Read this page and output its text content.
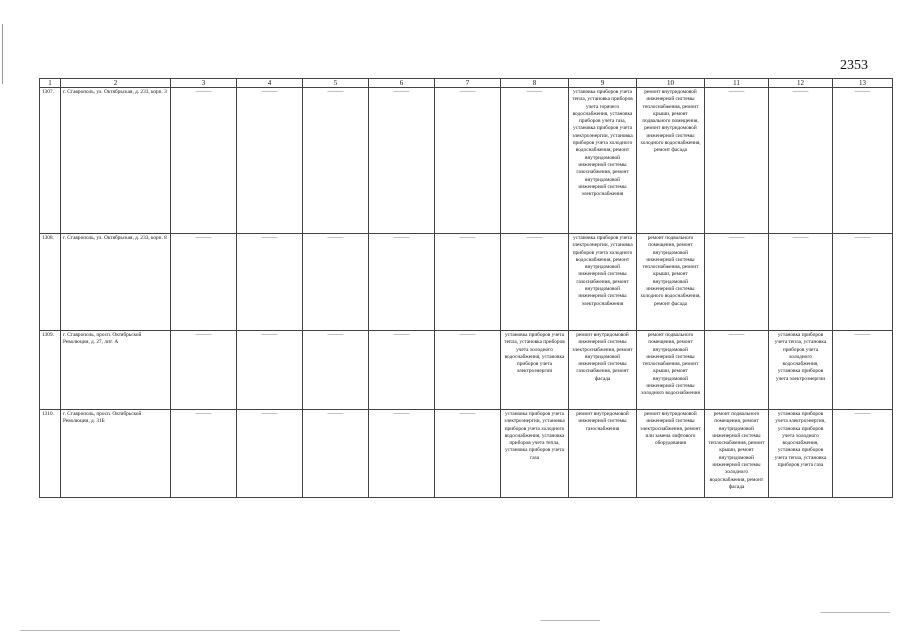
2353
1	2	3	4	5	6	7	8	9	10	11	12	13
1307.	г. Ставрополь, ул. Октябрьская, д. 233, корп. 3	———	———	———	———	———	———	установка приборов учета тепла, установка приборов учета горячего водоснабжения, установка приборов учета газа, установка приборов учета электроэнергии, установка приборов учета холодного водоснабжения, ремонт внутридомовой инженерной системы газоснабжения, ремонт внутридомовой инженерной системы электроснабжения	ремонт внутридомовой инженерной системы теплоснабжения, ремонт крыши, ремонт подвального помещения, ремонт внутридомовой инженерной системы холодного водоснабжения, ремонт фасада	———	———	———
1308.	г. Ставрополь, ул. Октябрьская, д. 233, корп. 8	———	———	———	———	———	———	установка приборов учета электроэнергии, установка приборов учета холодного водоснабжения, ремонт внутридомовой инженерной системы газоснабжения, ремонт внутридомовой инженерной системы электроснабжения	ремонт подвального помещения, ремонт внутридомовой инженерной системы теплоснабжения, ремонт крыши, ремонт внутридомовой инженерной системы холодного водоснабжения, ремонт фасада	———	———	———
1309.	г. Ставрополь, просп. Октябрьской Революции, д. 27, лит. А	———	———	———	———	———	установка приборов учета тепла, установка приборов учета холодного водоснабжения, установка приборов учета электроэнергии	ремонт внутридомовой инженерной системы электроснабжения, ремонт внутридомовой инженерной системы газоснабжения, ремонт фасада	ремонт подвального помещения, ремонт внутридомовой инженерной системы теплоснабжения, ремонт крыши, ремонт внутридомовой инженерной системы холодного водоснабжения	———	установка приборов учета тепла, установка приборов учета холодного водоснабжения, установка приборов учета электроэнергии	———
1310.	г. Ставрополь, просп. Октябрьской Революции, д. 31Б	———	———	———	———	———	установка приборов учета электроэнергии, установка приборов учета холодного водоснабжения, установка приборов учета тепла, установка приборов учета газа	ремонт внутридомовой инженерной системы газоснабжения	ремонт внутридомовой инженерной системы электроснабжения, ремонт или замена лифтового оборудования	ремонт подвального помещения, ремонт внутридомовой инженерной системы теплоснабжения, ремонт крыши, ремонт внутридомовой инженерной системы холодного водоснабжения, ремонт фасада	установка приборов учета электроэнергии, установка приборов учета холодного водоснабжения, установка приборов учета тепла, установка приборов учета газа	———
